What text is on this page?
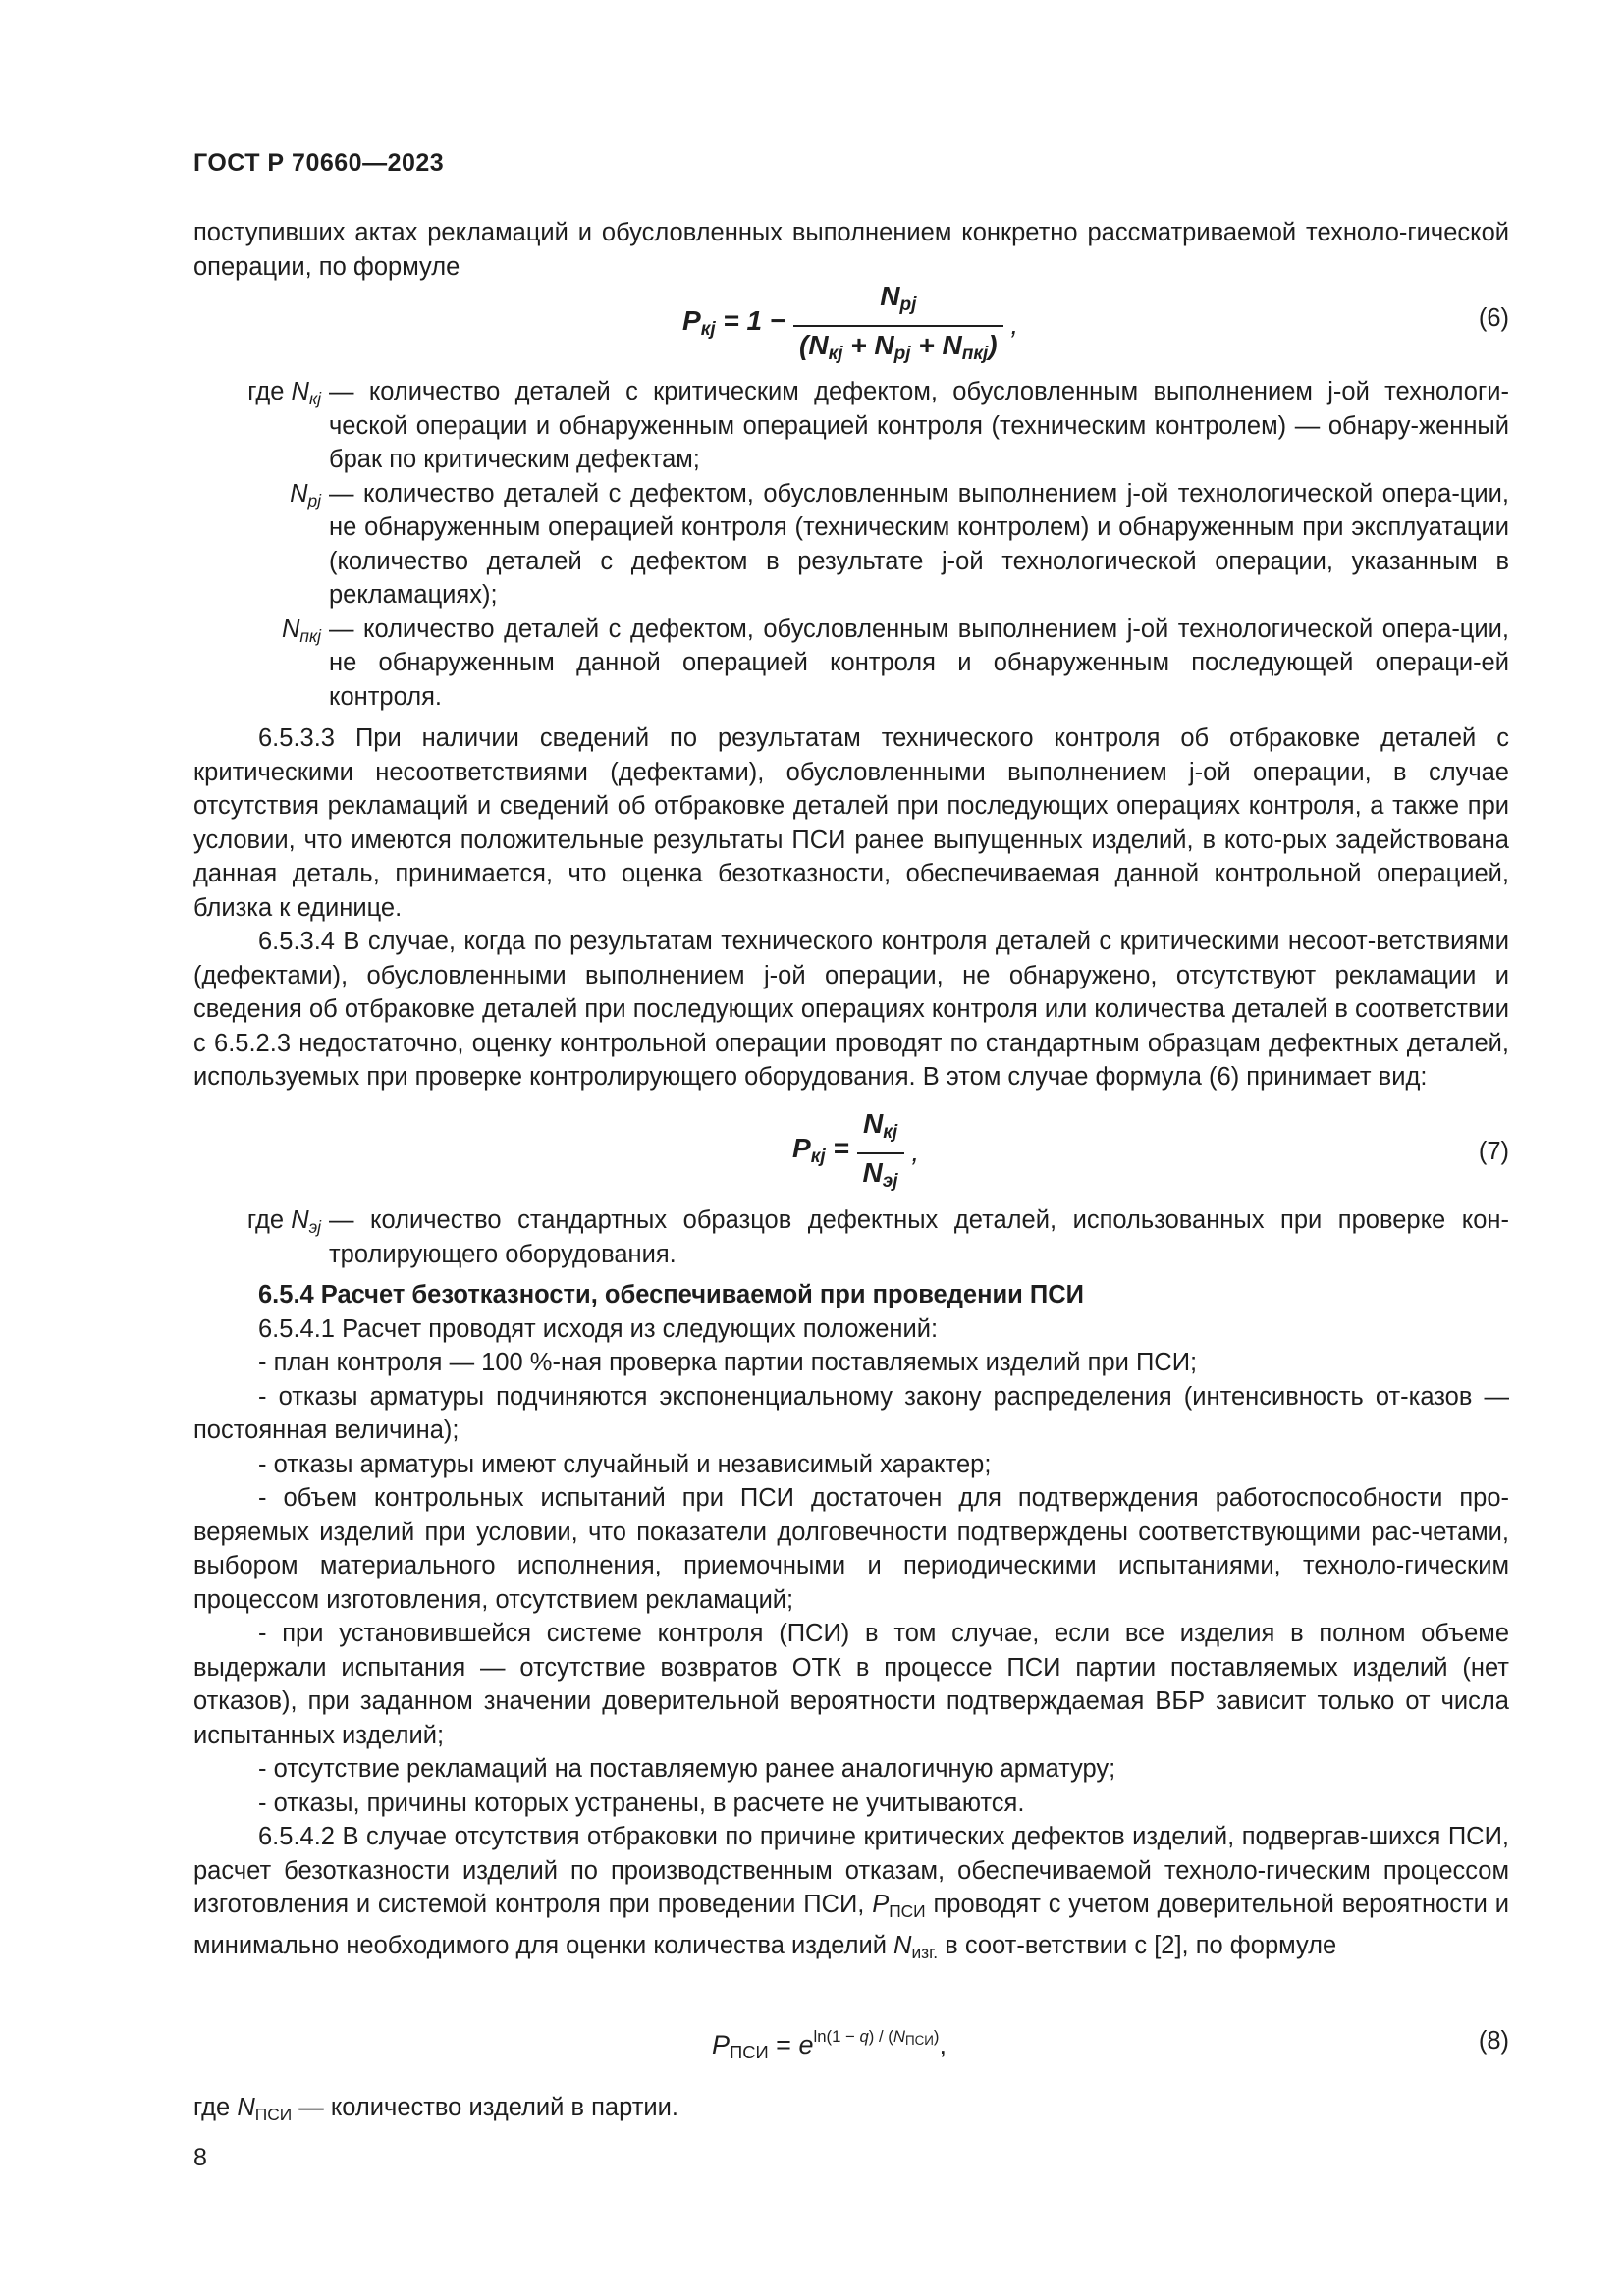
ГОСТ Р 70660—2023

поступивших актах рекламаций и обусловленных выполнением конкретно рассматриваемой техноло-гической операции, по формуле

$P_{кj} = 1 - \frac{N_{pj}}{(N_{кj} + N_{pj} + N_{пкj})}$ ,	(6)
где $N_{кj}$ — количество деталей с критическим дефектом, обусловленным выполнением j-ой технологи-ческой операции и обнаруженным операцией контроля (техническим контролем) — обнару-женный брак по критическим дефектам;
$N_{pj}$ — количество деталей с дефектом, обусловленным выполнением j-ой технологической опера-ции, не обнаруженным операцией контроля (техническим контролем) и обнаруженным при эксплуатации (количество деталей с дефектом в результате j-ой технологической операции, указанным в рекламациях);
$N_{пкj}$ — количество деталей с дефектом, обусловленным выполнением j-ой технологической опера-ции, не обнаруженным данной операцией контроля и обнаруженным последующей операци-ей контроля.

6.5.3.3 При наличии сведений по результатам технического контроля об отбраковке деталей с критическими несоответствиями (дефектами), обусловленными выполнением j-ой операции, в случае отсутствия рекламаций и сведений об отбраковке деталей при последующих операциях контроля, а также при условии, что имеются положительные результаты ПСИ ранее выпущенных изделий, в кото-рых задействована данная деталь, принимается, что оценка безотказности, обеспечиваемая данной контрольной операцией, близка к единице.

6.5.3.4 В случае, когда по результатам технического контроля деталей с критическими несоот-ветствиями (дефектами), обусловленными выполнением j-ой операции, не обнаружено, отсутствуют рекламации и сведения об отбраковке деталей при последующих операциях контроля или количества деталей в соответствии с 6.5.2.3 недостаточно, оценку контрольной операции проводят по стандартным образцам дефектных деталей, используемых при проверке контролирующего оборудования. В этом случае формула (6) принимает вид:

$P_{кj} = \frac{N_{кj}}{N_{эj}}$ ,	(7)
где $N_{эj}$ — количество стандартных образцов дефектных деталей, использованных при проверке кон-тролирующего оборудования.

6.5.4 Расчет безотказности, обеспечиваемой при проведении ПСИ

6.5.4.1 Расчет проводят исходя из следующих положений:

- план контроля — 100 %-ная проверка партии поставляемых изделий при ПСИ;

- отказы арматуры подчиняются экспоненциальному закону распределения (интенсивность от-казов — постоянная величина);

- отказы арматуры имеют случайный и независимый характер;

- объем контрольных испытаний при ПСИ достаточен для подтверждения работоспособности про-веряемых изделий при условии, что показатели долговечности подтверждены соответствующими рас-четами, выбором материального исполнения, приемочными и периодическими испытаниями, техноло-гическим процессом изготовления, отсутствием рекламаций;

- при установившейся системе контроля (ПСИ) в том случае, если все изделия в полном объеме выдержали испытания — отсутствие возвратов ОТК в процессе ПСИ партии поставляемых изделий (нет отказов), при заданном значении доверительной вероятности подтверждаемая ВБР зависит только от числа испытанных изделий;

- отсутствие рекламаций на поставляемую ранее аналогичную арматуру;

- отказы, причины которых устранены, в расчете не учитываются.

6.5.4.2 В случае отсутствия отбраковки по причине критических дефектов изделий, подвергав-шихся ПСИ, расчет безотказности изделий по производственным отказам, обеспечиваемой техноло-гическим процессом изготовления и системой контроля при проведении ПСИ, $P_{ПСИ}$ проводят с учетом доверительной вероятности и минимально необходимого для оценки количества изделий $N_{изг.}$ в соот-ветствии с [2], по формуле

$P_{ПСИ} = e^{ln(1 - q) / (N_{ПСИ})}$,	(8)

где $N_{ПСИ}$ — количество изделий в партии.

8
